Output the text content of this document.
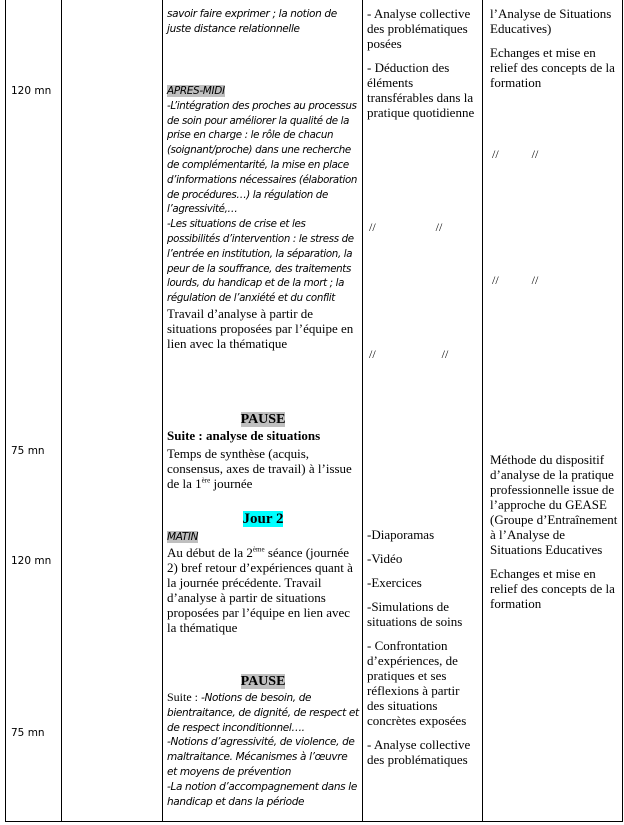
120 mn
75 mn
120 mn
75 mn
savoir faire exprimer ; la notion de juste distance relationnelle
APRES-MIDI
-L’intégration des proches au processus de soin pour améliorer la qualité de la prise en charge : le rôle de chacun (soignant/proche) dans une recherche de complémentarité, la mise en place d’informations nécessaires (élaboration de procédures…) la régulation de l’agressivité,…
-Les situations de crise et les possibilités d’intervention : le stress de l’entrée en institution, la séparation, la peur de la souffrance, des traitements lourds, du handicap et de la mort ; la régulation de l’anxiété et du conflit
Travail d’analyse à partir de situations proposées par l’équipe en lien avec la thématique
PAUSE
Suite : analyse de situations
Temps de synthèse (acquis, consensus, axes de travail) à l’issue de la 1ère journée
Jour 2
MATIN
Au début de la 2ème séance (journée 2) bref retour d’expériences quant à la journée précédente. Travail d’analyse à partir de situations proposées par l’équipe en lien avec la thématique
PAUSE
Suite : -Notions de besoin, de bientraitance, de dignité, de respect et de respect inconditionnel….
-Notions d’agressivité, de violence, de maltraitance. Mécanismes à l’œuvre et moyens de prévention
-La notion d’accompagnement dans le handicap et dans la période

- Analyse collective des problématiques posées

- Déduction des éléments transférables dans la pratique quotidienne

//                    //
//                      //

-Diaporamas

-Vidéo

-Exercices

-Simulations de situations de soins

- Confrontation d’expériences, de pratiques et ses réflexions à partir des situations concrètes exposées

- Analyse collective des problématiques

l’Analyse de Situations Educatives)

Echanges et mise en relief des concepts de la formation

//           //
//           //

Méthode du dispositif d’analyse de la pratique professionnelle issue de l’approche du GEASE (Groupe d’Entraînement à l’Analyse de Situations Educatives

Echanges et mise en relief des concepts de la formation
